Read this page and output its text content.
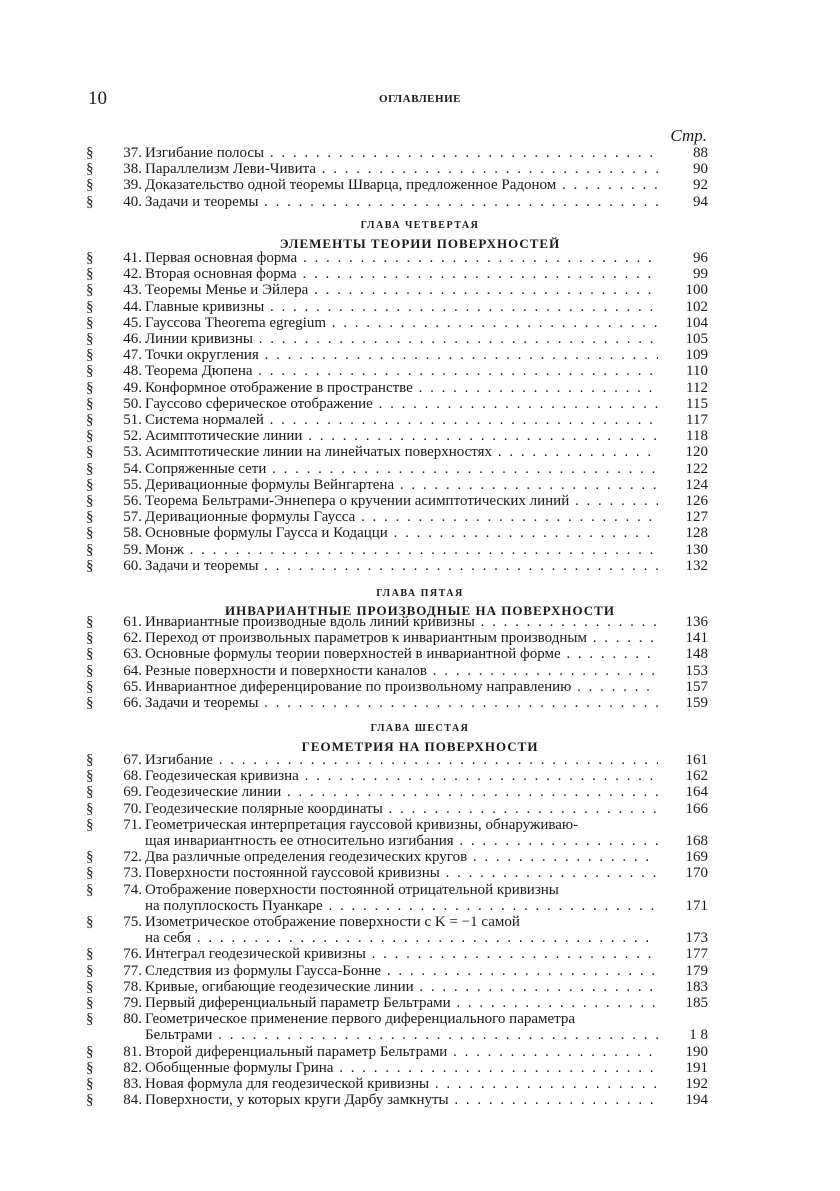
10	ОГЛАВЛЕНИЕ
Стр.
ГЛАВА ЧЕТВЕРТАЯ
ЭЛЕМЕНТЫ ТЕОРИИ ПОВЕРХНОСТЕЙ
ГЛАВА ПЯТАЯ
ИНВАРИАНТНЫЕ ПРОИЗВОДНЫЕ НА ПОВЕРХНОСТИ
ГЛАВА ШЕСТАЯ
ГЕОМЕТРИЯ НА ПОВЕРХНОСТИ
§	37. Изгибание полосы . . .	88
§	38. Параллелизм Леви-Чивита . . .	90
§	39. Доказательство одной теоремы Шварца, предложенное Радоном . . .	92
§	40. Задачи и теоремы . . .	94
§	41. Первая основная форма . . .	96
§	42. Вторая основная форма . . .	99
§	43. Теоремы Менье и Эйлера . . .	100
§	44. Главные кривизны . . .	102
§	45. Гауссова Theorema egregium . . .	104
§	46. Линии кривизны . . .	105
§	47. Точки округления . . .	109
§	48. Теорема Дюпена . . .	110
§	49. Конформное отображение в пространстве . . .	112
§	50. Гауссово сферическое отображение . . .	115
§	51. Система нормалей . . .	117
§	52. Асимптотические линии . . .	118
§	53. Асимптотические линии на линейчатых поверхностях . . .	120
§	54. Сопряженные сети . . .	122
§	55. Деривационные формулы Вейнгартена . . .	124
§	56. Теорема Бельтрами-Эннепера о кручении асимптотических линий . . .	126
§	57. Деривационные формулы Гаусса . . .	127
§	58. Основные формулы Гаусса и Кодацци . . .	128
§	59. Монж . . .	130
§	60. Задачи и теоремы . . .	132
§	61. Инвариантные производные вдоль линий кривизны . . .	136
§	62. Переход от произвольных параметров к инвариантным производным . . .	141
§	63. Основные формулы теории поверхностей в инвариантной форме . . .	148
§	64. Резные поверхности и поверхности каналов . . .	153
§	65. Инвариантное диференцирование по произвольному направлению . . .	157
§	66. Задачи и теоремы . . .	159
§	67. Изгибание . . .	161
§	68. Геодезическая кривизна . . .	162
§	69. Геодезические линии . . .	164
§	70. Геодезические полярные координаты . . .	166
§	71. Геометрическая интерпретация гауссовой кривизны, обнаруживаю-
щая инвариантность ее относительно изгибания . . .	168
§	72. Два различные определения геодезических кругов . . .	169
§	73. Поверхности постоянной гауссовой кривизны . . .	170
§	74. Отображение поверхности постоянной отрицательной кривизны
на полуплоскость Пуанкаре . . .	171
§	75. Изометрическое отображение поверхности с K = −1 самой
на себя . . .	173
§	76. Интеграл геодезической кривизны . . .	177
§	77. Следствия из формулы Гаусса-Бонне . . .	179
§	78. Кривые, огибающие геодезические линии . . .	183
§	79. Первый диференциальный параметр Бельтрами . . .	185
§	80. Геометрическое применение первого диференциального параметра
Бельтрами . . .	1 8
§	81. Второй диференциальный параметр Бельтрами . . .	190
§	82. Обобщенные формулы Грина . . .	191
§	83. Новая формула для геодезической кривизны . . .	192
§	84. Поверхности, у которых круги Дарбу замкнуты . . .	194
